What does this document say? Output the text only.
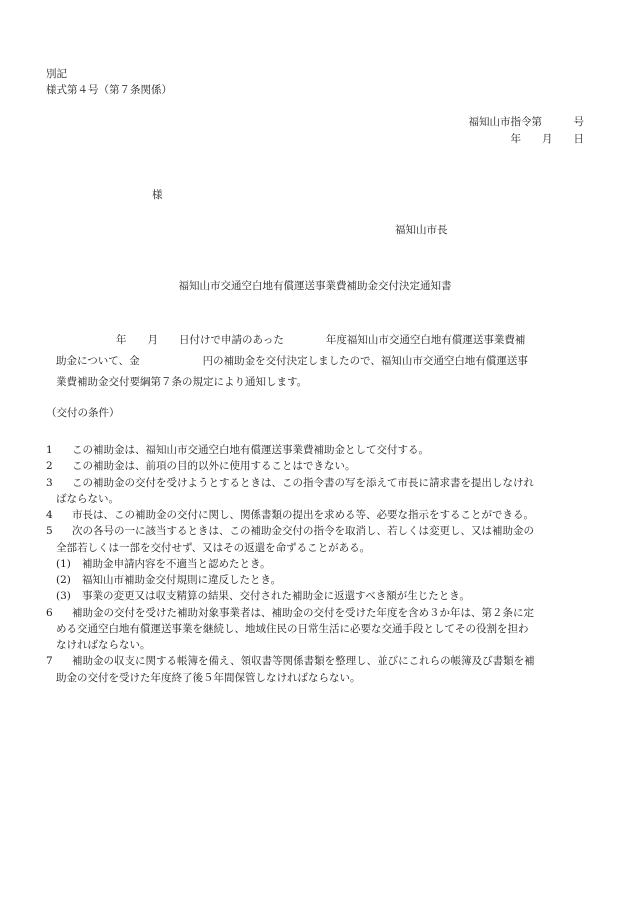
別記
様式第４号（第７条関係）
福知山市指令第　　　号
年　　月　　日
様
福知山市長
福知山市交通空白地有償運送事業費補助金交付決定通知書
年　　月　　日付けで申請のあった　　　　年度福知山市交通空白地有償運送事業費補
助金について、金　　　　　　円の補助金を交付決定しましたので、福知山市交通空白地有償運送事
業費補助金交付要綱第７条の規定により通知します。
（交付の条件）
1 この補助金は、福知山市交通空白地有償運送事業費補助金として交付する。
2 この補助金は、前項の目的以外に使用することはできない。
3 この補助金の交付を受けようとするときは、この指令書の写を添えて市長に請求書を提出しなけれ
ばならない。
4 市長は、この補助金の交付に関し、関係書類の提出を求める等、必要な指示をすることができる。
5 次の各号の一に該当するときは、この補助金交付の指令を取消し、若しくは変更し、又は補助金の
全部若しくは一部を交付せず、又はその返還を命ずることがある。
(1) 補助金申請内容を不適当と認めたとき。
(2) 福知山市補助金交付規則に違反したとき。
(3) 事業の変更又は収支精算の結果、交付された補助金に返還すべき額が生じたとき。
6 補助金の交付を受けた補助対象事業者は、補助金の交付を受けた年度を含め３か年は、第２条に定
める交通空白地有償運送事業を継続し、地域住民の日常生活に必要な交通手段としてその役割を担わ
なければならない。
7 補助金の収支に関する帳簿を備え、領収書等関係書類を整理し、並びにこれらの帳簿及び書類を補
助金の交付を受けた年度終了後５年間保管しなければならない。
